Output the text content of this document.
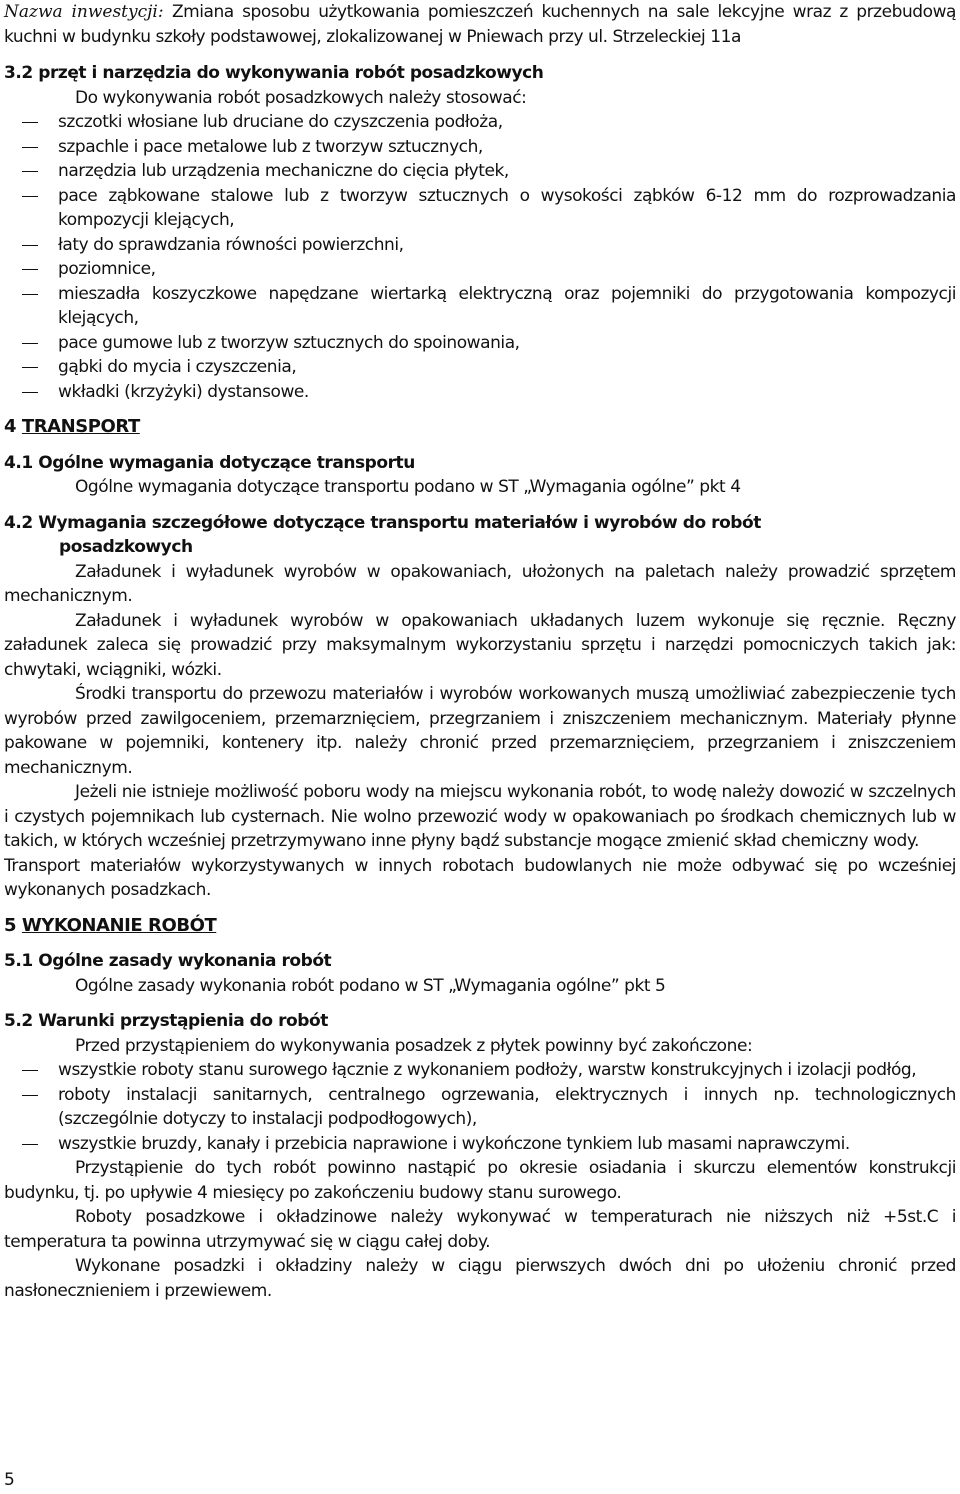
Nazwa inwestycji: Zmiana sposobu użytkowania pomieszczeń kuchennych na sale lekcyjne wraz z przebudową kuchni w budynku szkoły podstawowej, zlokalizowanej w Pniewach przy ul. Strzeleckiej 11a

3.2 przęt i narzędzia do wykonywania robót posadzkowych

Do wykonywania robót posadzkowych należy stosować:

szczotki włosiane lub druciane do czyszczenia podłoża,
szpachle i pace metalowe lub z tworzyw sztucznych,
narzędzia lub urządzenia mechaniczne do cięcia płytek,
pace ząbkowane stalowe lub z tworzyw sztucznych o wysokości ząbków 6-12 mm do rozprowadzania kompozycji klejących,
łaty do sprawdzania równości powierzchni,
poziomnice,
mieszadła koszyczkowe napędzane wiertarką elektryczną oraz pojemniki do przygotowania kompozycji klejących,
pace gumowe lub z tworzyw sztucznych do spoinowania,
gąbki do mycia i czyszczenia,
wkładki (krzyżyki) dystansowe.

4 TRANSPORT

4.1 Ogólne wymagania dotyczące transportu

Ogólne wymagania dotyczące transportu podano w ST „Wymagania ogólne” pkt 4

4.2 Wymagania szczegółowe dotyczące transportu materiałów i wyrobów do robót

posadzkowych

Załadunek i wyładunek wyrobów w opakowaniach, ułożonych na paletach należy prowadzić sprzętem mechanicznym.

Załadunek i wyładunek wyrobów w opakowaniach układanych luzem wykonuje się ręcznie. Ręczny załadunek zaleca się prowadzić przy maksymalnym wykorzystaniu sprzętu i narzędzi pomocniczych takich jak: chwytaki, wciągniki, wózki.

Środki transportu do przewozu materiałów i wyrobów workowanych muszą umożliwiać zabezpieczenie tych wyrobów przed zawilgoceniem, przemarznięciem, przegrzaniem i zniszczeniem mechanicznym. Materiały płynne pakowane w pojemniki, kontenery itp. należy chronić przed przemarznięciem, przegrzaniem i zniszczeniem mechanicznym.

Jeżeli nie istnieje możliwość poboru wody na miejscu wykonania robót, to wodę należy dowozić w szczelnych i czystych pojemnikach lub cysternach. Nie wolno przewozić wody w opakowaniach po środkach chemicznych lub w takich, w których wcześniej przetrzymywano inne płyny bądź substancje mogące zmienić skład chemiczny wody.

Transport materiałów wykorzystywanych w innych robotach budowlanych nie może odbywać się po wcześniej wykonanych posadzkach.

5 WYKONANIE ROBÓT

5.1 Ogólne zasady wykonania robót

Ogólne zasady wykonania robót podano w ST „Wymagania ogólne” pkt 5

5.2 Warunki przystąpienia do robót

Przed przystąpieniem do wykonywania posadzek z płytek powinny być zakończone:

wszystkie roboty stanu surowego łącznie z wykonaniem podłoży, warstw konstrukcyjnych i izolacji podłóg,
roboty instalacji sanitarnych, centralnego ogrzewania, elektrycznych i innych np. technologicznych (szczególnie dotyczy to instalacji podpodłogowych),
wszystkie bruzdy, kanały i przebicia naprawione i wykończone tynkiem lub masami naprawczymi.

Przystąpienie do tych robót powinno nastąpić po okresie osiadania i skurczu elementów konstrukcji budynku, tj. po upływie 4 miesięcy po zakończeniu budowy stanu surowego.

Roboty posadzkowe i okładzinowe należy wykonywać w temperaturach nie niższych niż +5st.C i temperatura ta powinna utrzymywać się w ciągu całej doby.

Wykonane posadzki i okładziny należy w ciągu pierwszych dwóch dni po ułożeniu chronić przed nasłonecznieniem i przewiewem.

5
